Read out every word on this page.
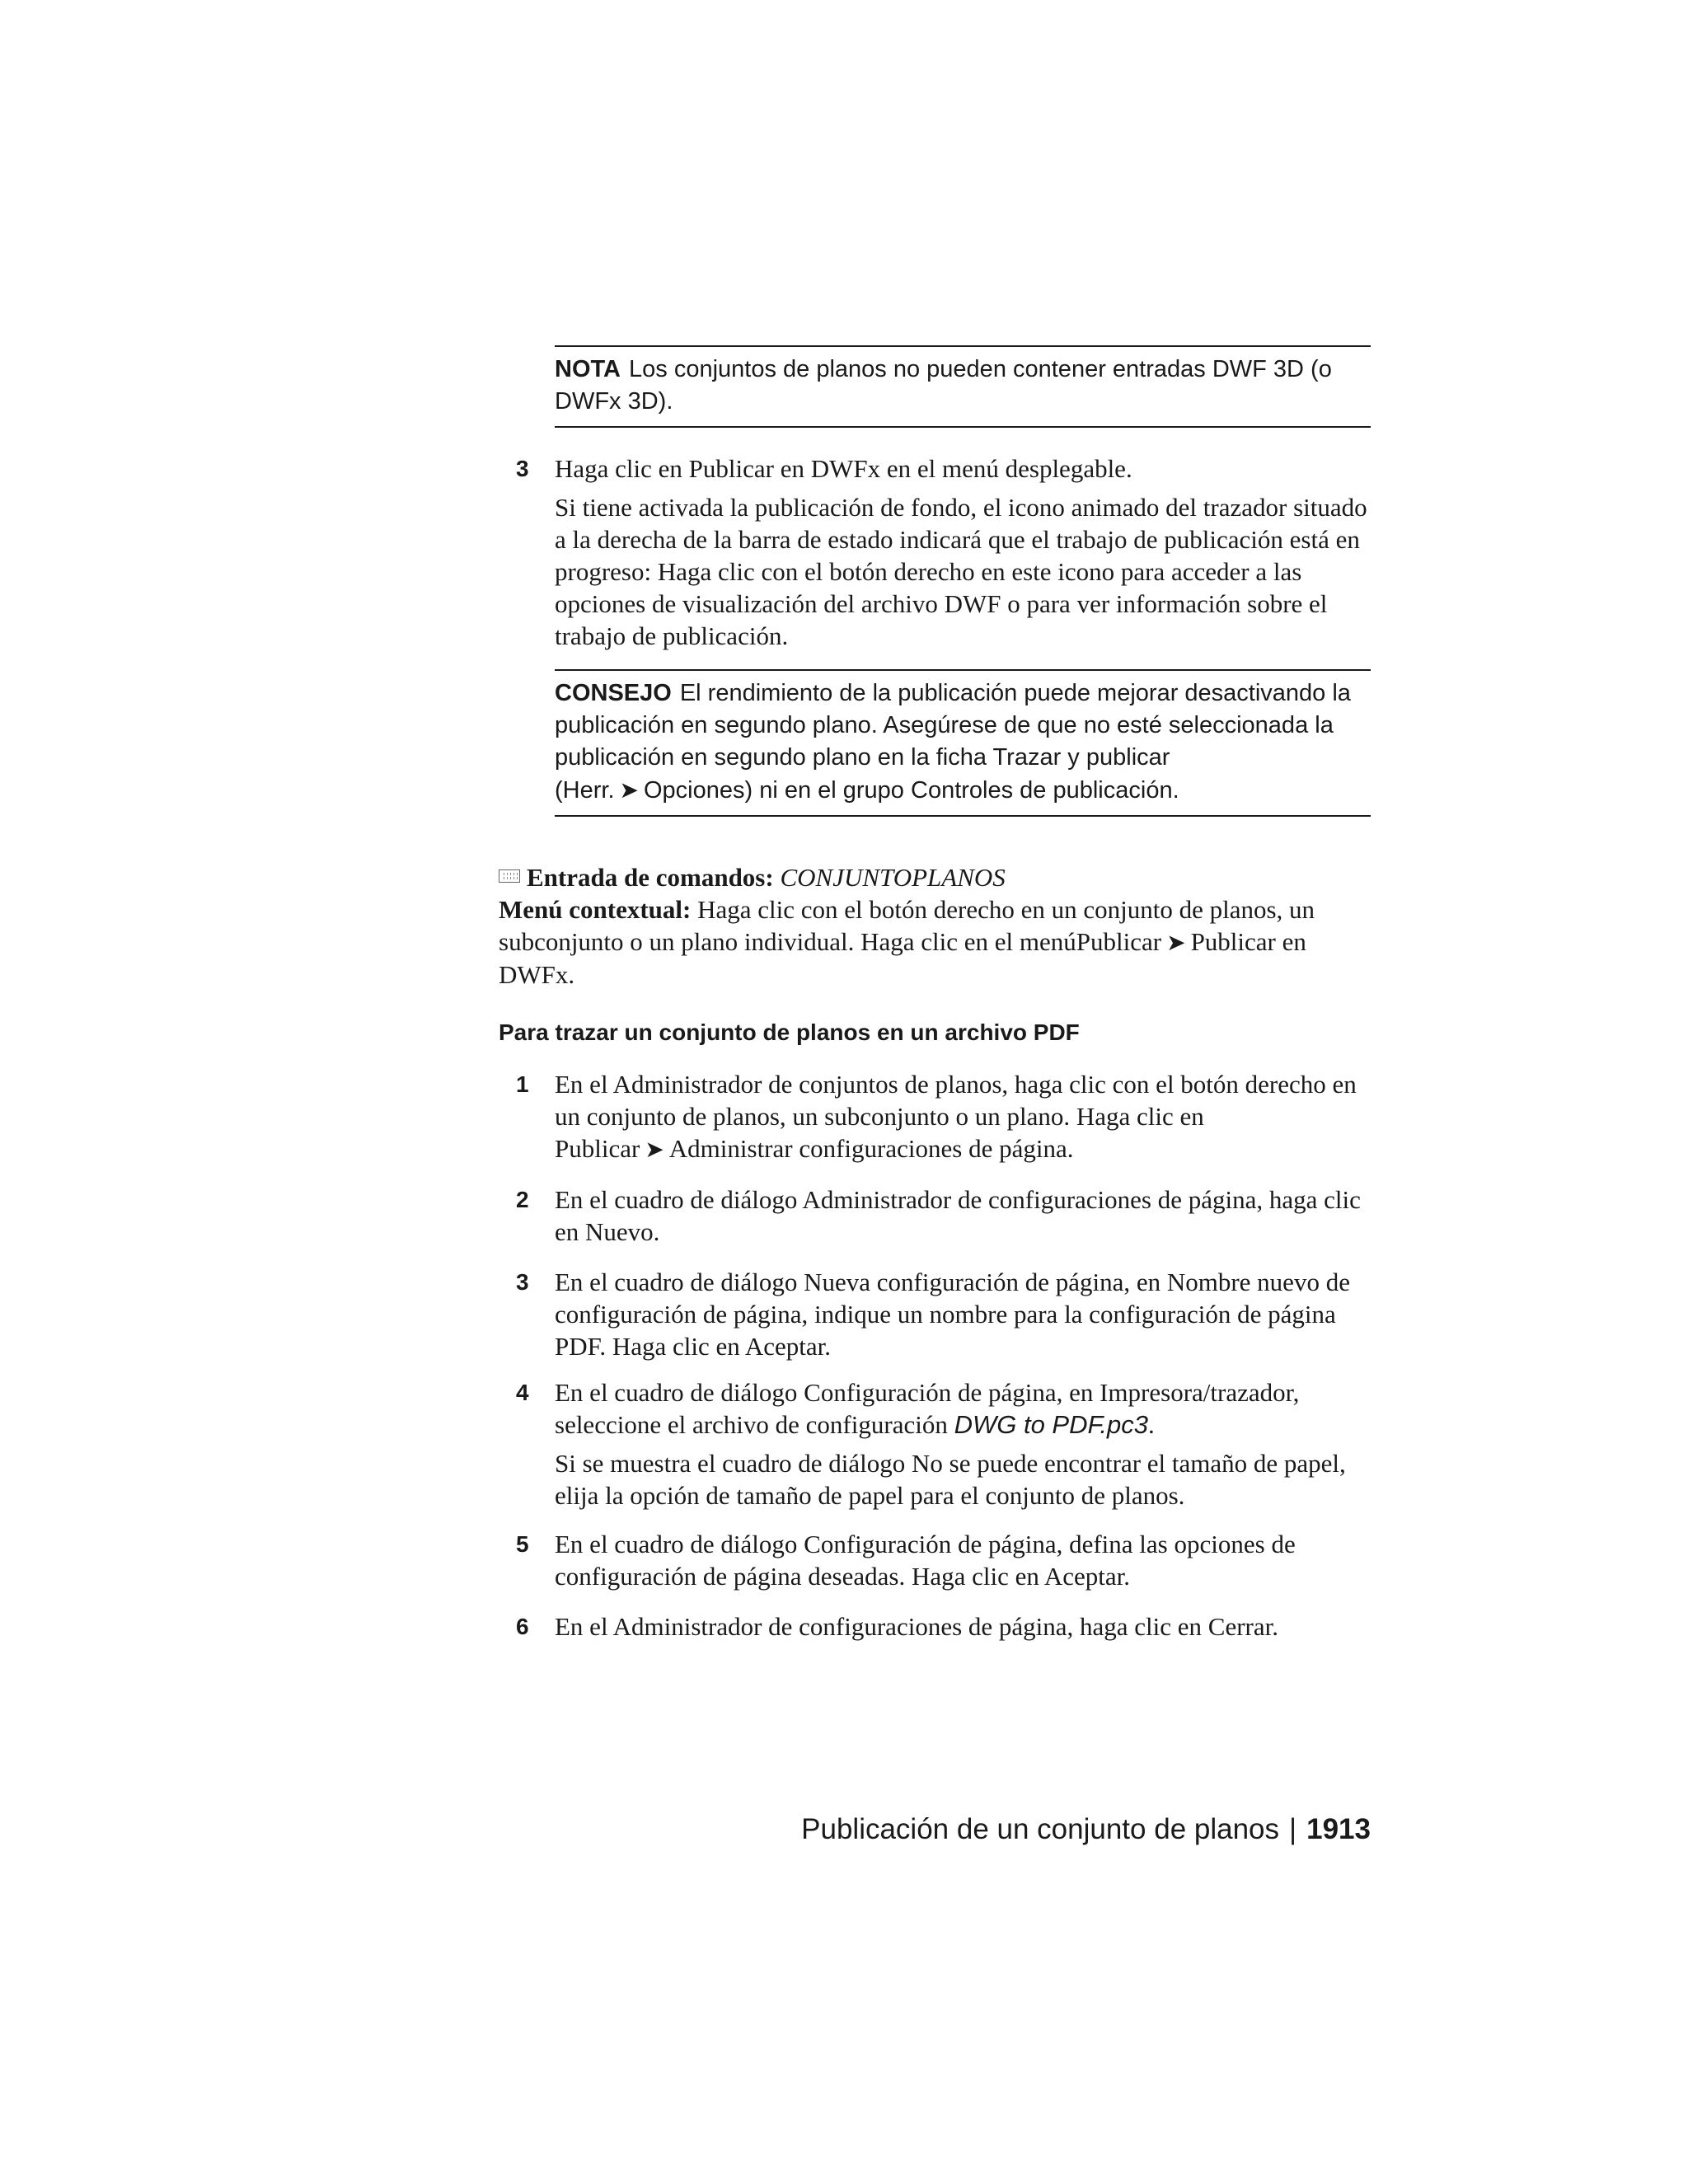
NOTA Los conjuntos de planos no pueden contener entradas DWF 3D (o DWFx 3D).
3	Haga clic en Publicar en DWFx en el menú desplegable.

Si tiene activada la publicación de fondo, el icono animado del trazador situado a la derecha de la barra de estado indicará que el trabajo de publicación está en progreso: Haga clic con el botón derecho en este icono para acceder a las opciones de visualización del archivo DWF o para ver información sobre el trabajo de publicación.

CONSEJO El rendimiento de la publicación puede mejorar desactivando la publicación en segundo plano. Asegúrese de que no esté seleccionada la publicación en segundo plano en la ficha Trazar y publicar (Herr. ➤ Opciones) ni en el grupo Controles de publicación.

Entrada de comandos: CONJUNTOPLANOS

Menú contextual: Haga clic con el botón derecho en un conjunto de planos, un subconjunto o un plano individual. Haga clic en el menúPublicar ➤ Publicar en DWFx.

Para trazar un conjunto de planos en un archivo PDF
1	En el Administrador de conjuntos de planos, haga clic con el botón derecho en un conjunto de planos, un subconjunto o un plano. Haga clic en Publicar ➤ Administrar configuraciones de página.

2	En el cuadro de diálogo Administrador de configuraciones de página, haga clic en Nuevo.

3	En el cuadro de diálogo Nueva configuración de página, en Nombre nuevo de configuración de página, indique un nombre para la configuración de página PDF. Haga clic en Aceptar.

4	En el cuadro de diálogo Configuración de página, en Impresora/trazador, seleccione el archivo de configuración DWG to PDF.pc3.

Si se muestra el cuadro de diálogo No se puede encontrar el tamaño de papel, elija la opción de tamaño de papel para el conjunto de planos.

5	En el cuadro de diálogo Configuración de página, defina las opciones de configuración de página deseadas. Haga clic en Aceptar.

6	En el Administrador de configuraciones de página, haga clic en Cerrar.

Publicación de un conjunto de planos | 1913
